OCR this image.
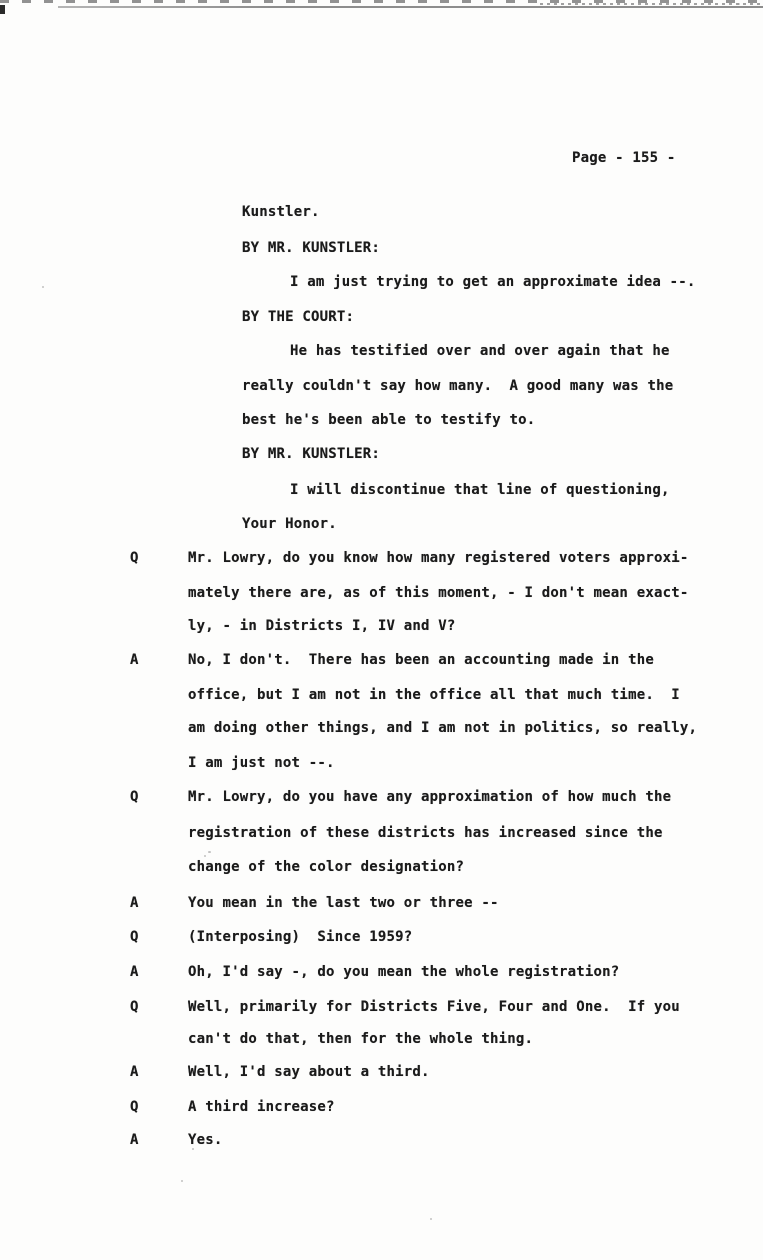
Page - 155 -
Kunstler.
BY MR. KUNSTLER:
I am just trying to get an approximate idea --.
BY THE COURT:
He has testified over and over again that he
really couldn't say how many.  A good many was the
best he's been able to testify to.
BY MR. KUNSTLER:
I will discontinue that line of questioning,
Your Honor.
Q	Mr. Lowry, do you know how many registered voters approxi-
mately there are, as of this moment, - I don't mean exact-
ly, - in Districts I, IV and V?
A	No, I don't.  There has been an accounting made in the
office, but I am not in the office all that much time.  I
am doing other things, and I am not in politics, so really,
I am just not --.
Q	Mr. Lowry, do you have any approximation of how much the
registration of these districts has increased since the
change of the color designation?
A	You mean in the last two or three --
Q	(Interposing)  Since 1959?
A	Oh, I'd say -, do you mean the whole registration?
Q	Well, primarily for Districts Five, Four and One.  If you
can't do that, then for the whole thing.
A	Well, I'd say about a third.
Q	A third increase?
A	Yes.
